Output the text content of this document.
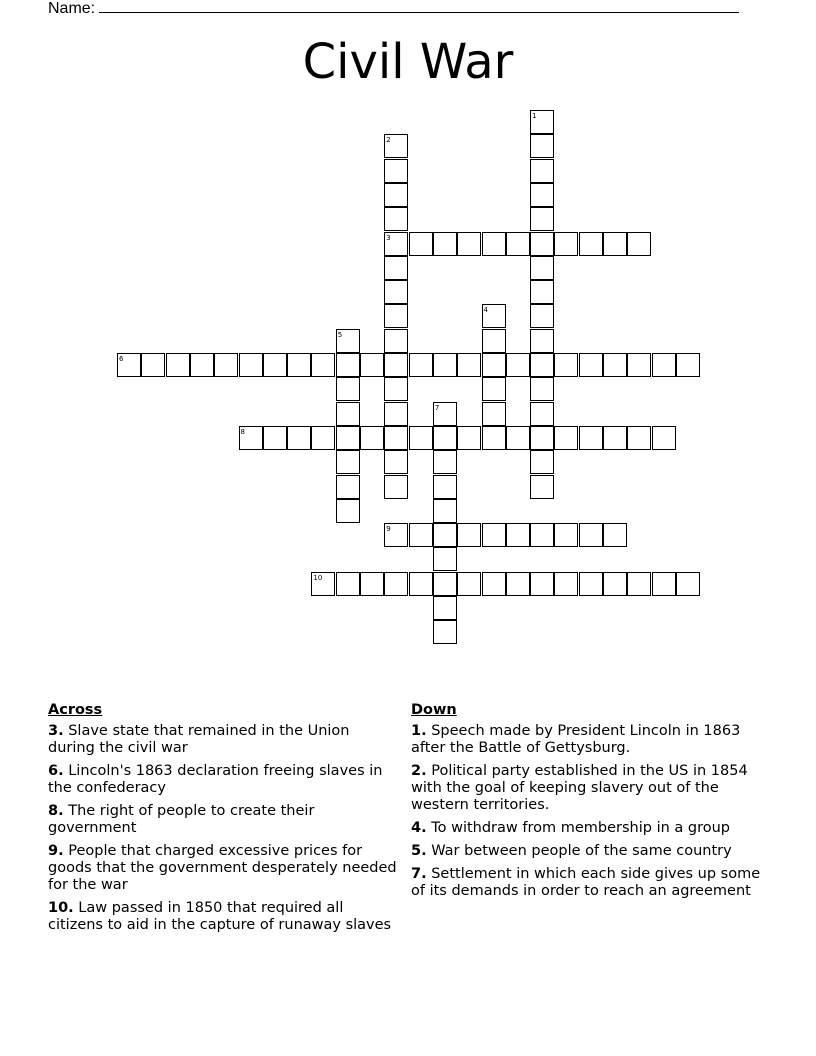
Name:
Civil War
1
2
3
4
5
6
7
8
9
10
Across
3. Slave state that remained in the Union during the civil war
6. Lincoln's 1863 declaration freeing slaves in the confederacy
8. The right of people to create their government
9. People that charged excessive prices for goods that the government desperately needed for the war
10. Law passed in 1850 that required all citizens to aid in the capture of runaway slaves
Down
1. Speech made by President Lincoln in 1863 after the Battle of Gettysburg.
2. Political party established in the US in 1854 with the goal of keeping slavery out of the western territories.
4. To withdraw from membership in a group
5. War between people of the same country
7. Settlement in which each side gives up some of its demands in order to reach an agreement
